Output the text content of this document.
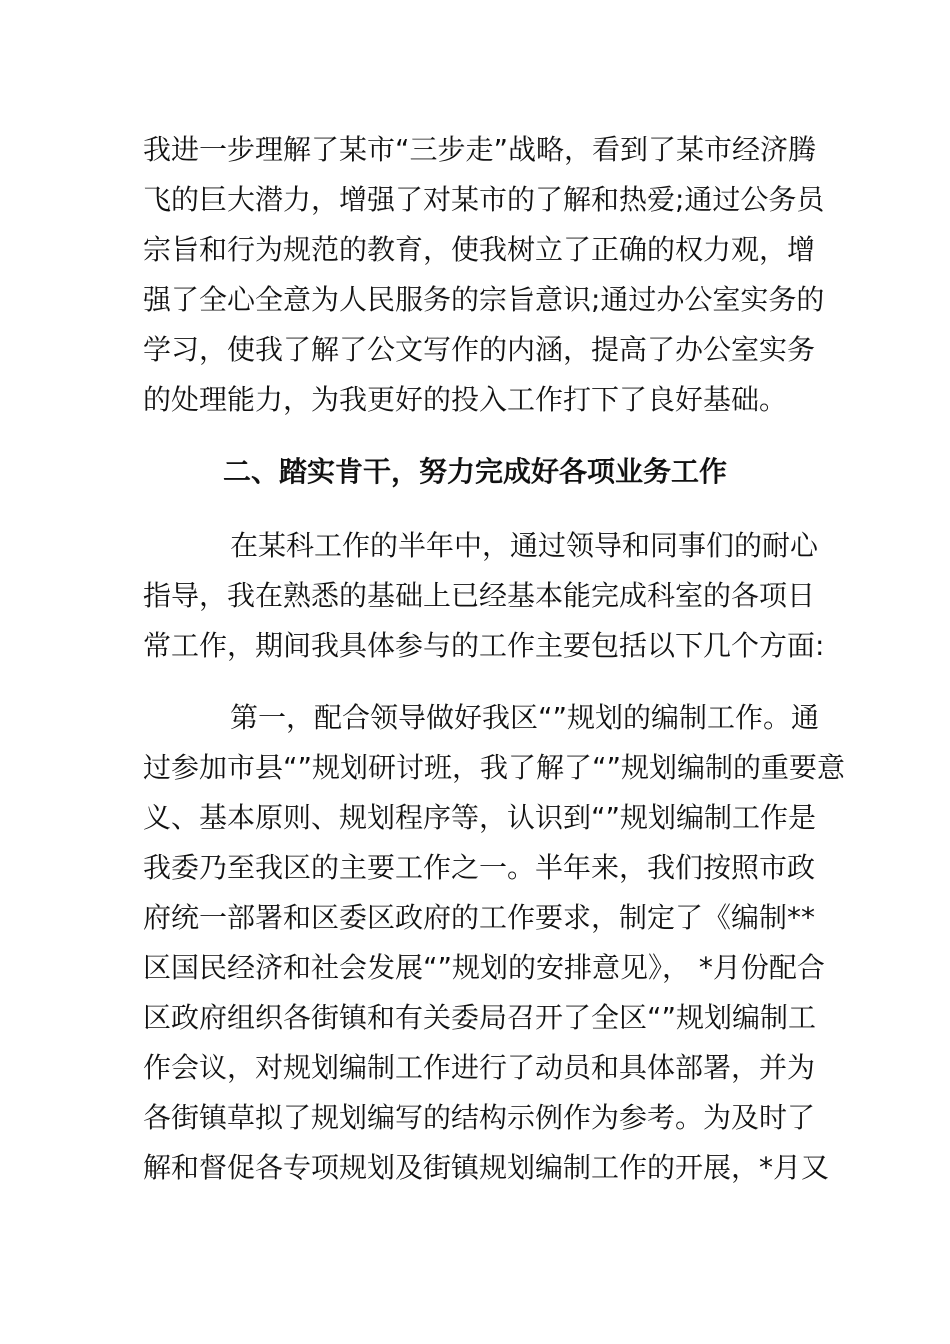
我进一步理解了某市“三步走”战略，看到了某市经济腾
飞的巨大潜力，增强了对某市的了解和热爱;通过公务员
宗旨和行为规范的教育，使我树立了正确的权力观，增
强了全心全意为人民服务的宗旨意识;通过办公室实务的
学习，使我了解了公文写作的内涵，提高了办公室实务
的处理能力，为我更好的投入工作打下了良好基础。
二、踏实肯干，努力完成好各项业务工作
在某科工作的半年中，通过领导和同事们的耐心
指导，我在熟悉的基础上已经基本能完成科室的各项日
常工作，期间我具体参与的工作主要包括以下几个方面:
第一，配合领导做好我区“”规划的编制工作。通
过参加市县“”规划研讨班，我了解了“”规划编制的重要意
义、基本原则、规划程序等，认识到“”规划编制工作是
我委乃至我区的主要工作之一。半年来，我们按照市政
府统一部署和区委区政府的工作要求，制定了《编制**
区国民经济和社会发展“”规划的安排意见》， *月份配合
区政府组织各街镇和有关委局召开了全区“”规划编制工
作会议，对规划编制工作进行了动员和具体部署，并为
各街镇草拟了规划编写的结构示例作为参考。为及时了
解和督促各专项规划及街镇规划编制工作的开展，*月又
